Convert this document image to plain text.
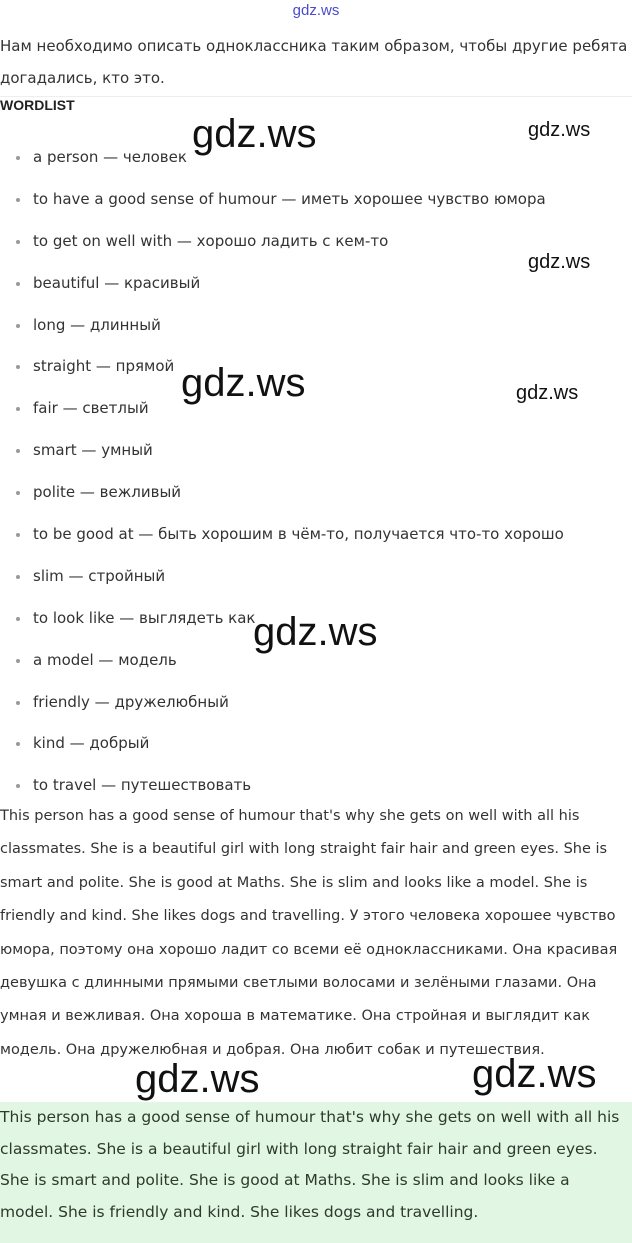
gdz.ws
Нам необходимо описать одноклассника таким образом, чтобы другие ребята догадались, кто это.
WORDLIST
a person — человек
to have a good sense of humour — иметь хорошее чувство юмора
to get on well with — хорошо ладить с кем-то
beautiful — красивый
long — длинный
straight — прямой
fair — светлый
smart — умный
polite — вежливый
to be good at — быть хорошим в чём-то, получается что-то хорошо
slim — стройный
to look like — выглядеть как
a model — модель
friendly — дружелюбный
kind — добрый
to travel — путешествовать
This person has a good sense of humour that's why she gets on well with all his classmates. She is a beautiful girl with long straight fair hair and green eyes. She is smart and polite. She is good at Maths. She is slim and looks like a model. She is friendly and kind. She likes dogs and travelling. У этого человека хорошее чувство юмора, поэтому она хорошо ладит со всеми её одноклассниками. Она красивая девушка с длинными прямыми светлыми волосами и зелёными глазами. Она умная и вежливая. Она хороша в математике. Она стройная и выглядит как модель. Она дружелюбная и добрая. Она любит собак и путешествия.
This person has a good sense of humour that's why she gets on well with all his classmates. She is a beautiful girl with long straight fair hair and green eyes. She is smart and polite. She is good at Maths. She is slim and looks like a model. She is friendly and kind. She likes dogs and travelling.
gdz.ws	gdz.ws
gdz.ws
gdz.ws	gdz.ws
gdz.ws
gdz.ws	gdz.ws
